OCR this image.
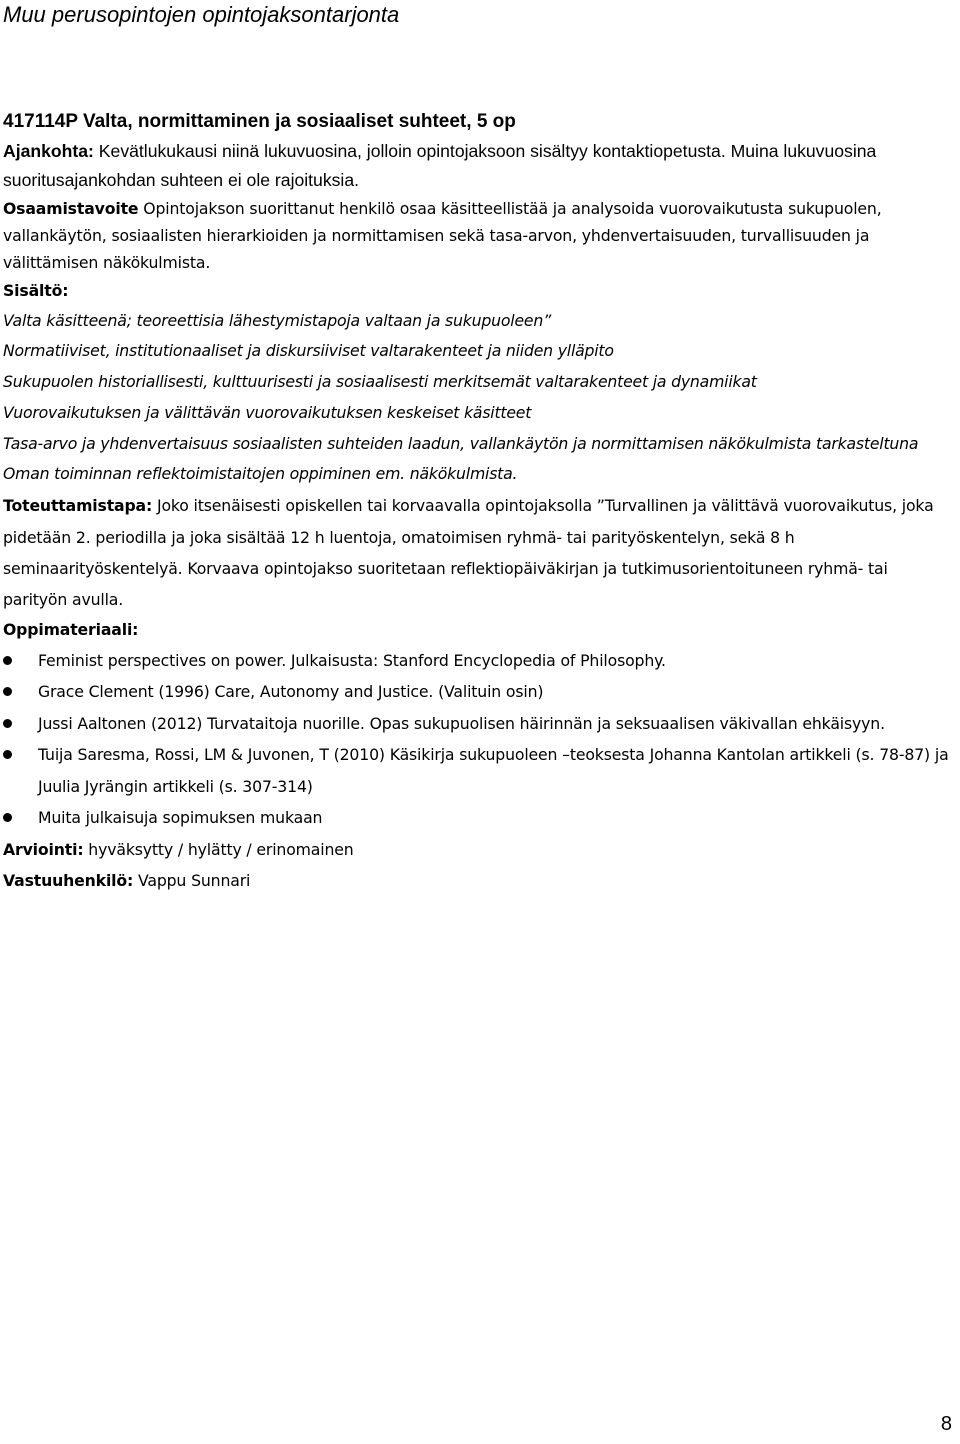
Muu perusopintojen opintojaksontarjonta
417114P Valta, normittaminen ja sosiaaliset suhteet, 5 op

Ajankohta: Kevätlukukausi niinä lukuvuosina, jolloin opintojaksoon sisältyy kontaktiopetusta. Muina lukuvuosina suoritusajankohdan suhteen ei ole rajoituksia.

Osaamistavoite Opintojakson suorittanut henkilö osaa käsitteellistää ja analysoida vuorovaikutusta sukupuolen, vallankäytön, sosiaalisten hierarkioiden ja normittamisen sekä tasa-arvon, yhdenvertaisuuden, turvallisuuden ja välittämisen näkökulmista.

Sisältö:

Valta käsitteenä; teoreettisia lähestymistapoja valtaan ja sukupuoleen”
Normatiiviset, institutionaaliset ja diskursiiviset valtarakenteet ja niiden ylläpito
Sukupuolen historiallisesti, kulttuurisesti ja sosiaalisesti merkitsemät valtarakenteet ja dynamiikat
Vuorovaikutuksen ja välittävän vuorovaikutuksen keskeiset käsitteet
Tasa-arvo ja yhdenvertaisuus sosiaalisten suhteiden laadun, vallankäytön ja normittamisen näkökulmista tarkasteltuna
Oman toiminnan reflektoimistaitojen oppiminen em. näkökulmista.

Toteuttamistapa: Joko itsenäisesti opiskellen tai korvaavalla opintojaksolla ”Turvallinen ja välittävä vuorovaikutus, joka pidetään 2. periodilla ja joka sisältää 12 h luentoja, omatoimisen ryhmä- tai parityöskentelyn, sekä 8 h seminaarityöskentelyä. Korvaava opintojakso suoritetaan reflektiopäiväkirjan ja tutkimusorientoituneen ryhmä- tai parityön avulla.

Oppimateriaali:

Feminist perspectives on power. Julkaisusta: Stanford Encyclopedia of Philosophy.
Grace Clement (1996) Care, Autonomy and Justice. (Valituin osin)
Jussi Aaltonen (2012) Turvataitoja nuorille. Opas sukupuolisen häirinnän ja seksuaalisen väkivallan ehkäisyyn.
Tuija Saresma, Rossi, LM & Juvonen, T (2010) Käsikirja sukupuoleen –teoksesta Johanna Kantolan artikkeli (s. 78-87) ja Juulia Jyrängin artikkeli (s. 307-314)
Muita julkaisuja sopimuksen mukaan

Arviointi: hyväksytty / hylätty / erinomainen

Vastuuhenkilö: Vappu Sunnari

8
